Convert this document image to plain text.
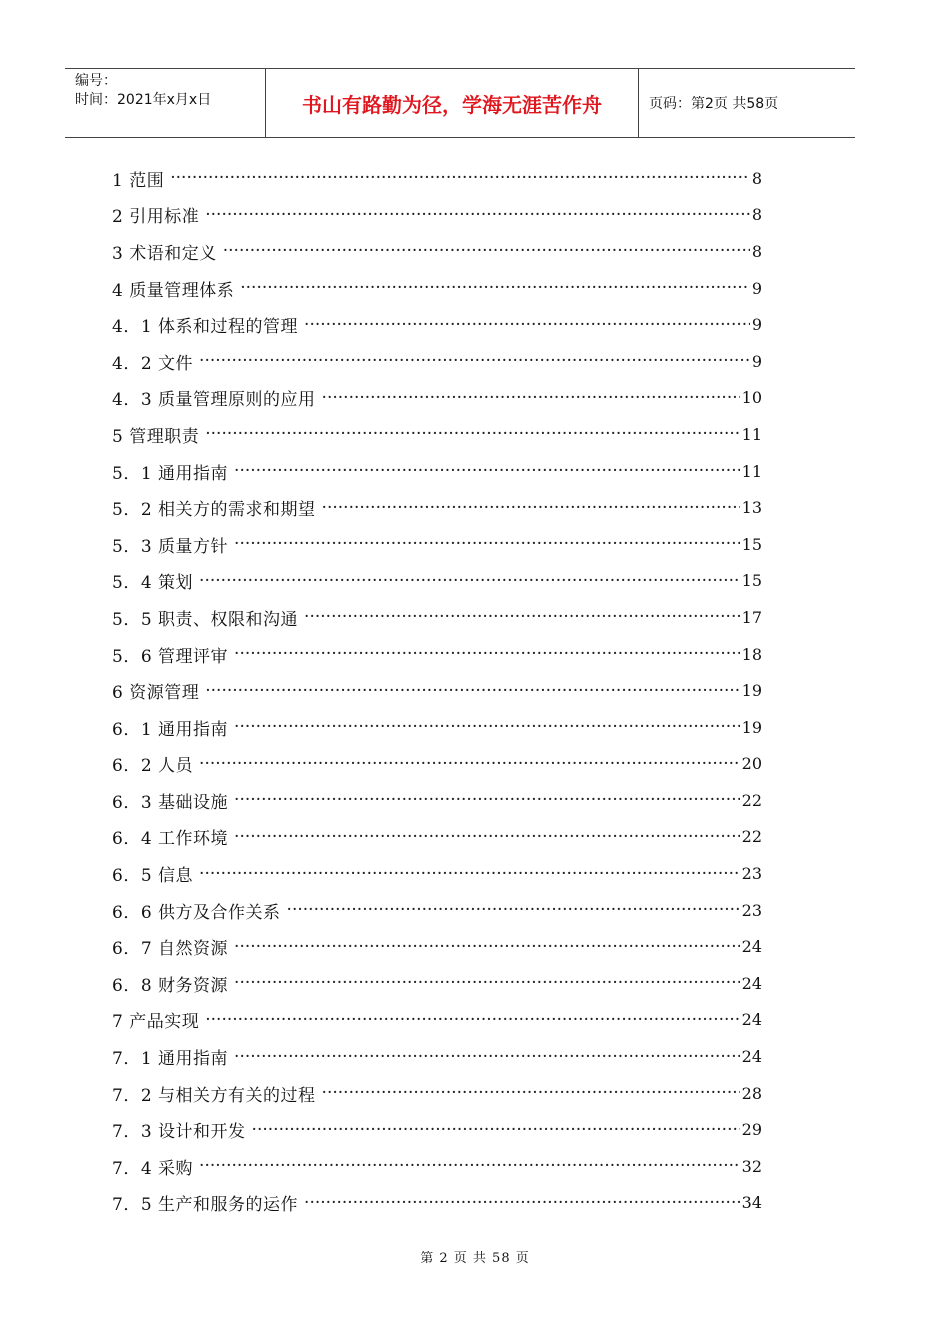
编号：
时间：2021年x月x日	书山有路勤为径，学海无涯苦作舟	页码：第2页 共58页
1 范围 ·····	8
2 引用标准 ·····	8
3 术语和定义 ·····	8
4 质量管理体系 ·····	9
4．1 体系和过程的管理 ·····	9
4．2 文件 ·····	9
4．3 质量管理原则的应用 ·····	10
5 管理职责 ·····	11
5．1 通用指南 ·····	11
5．2 相关方的需求和期望 ·····	13
5．3 质量方针 ·····	15
5．4 策划 ·····	15
5．5 职责、权限和沟通 ·····	17
5．6 管理评审 ·····	18
6 资源管理 ·····	19
6．1 通用指南 ·····	19
6．2 人员 ·····	20
6．3 基础设施 ·····	22
6．4 工作环境 ·····	22
6．5 信息 ·····	23
6．6 供方及合作关系 ·····	23
6．7 自然资源 ·····	24
6．8 财务资源 ·····	24
7 产品实现 ·····	24
7．1 通用指南 ·····	24
7．2 与相关方有关的过程 ·····	28
7．3 设计和开发 ·····	29
7．4 采购 ·····	32
7．5 生产和服务的运作 ·····	34
第 2 页 共 58 页
